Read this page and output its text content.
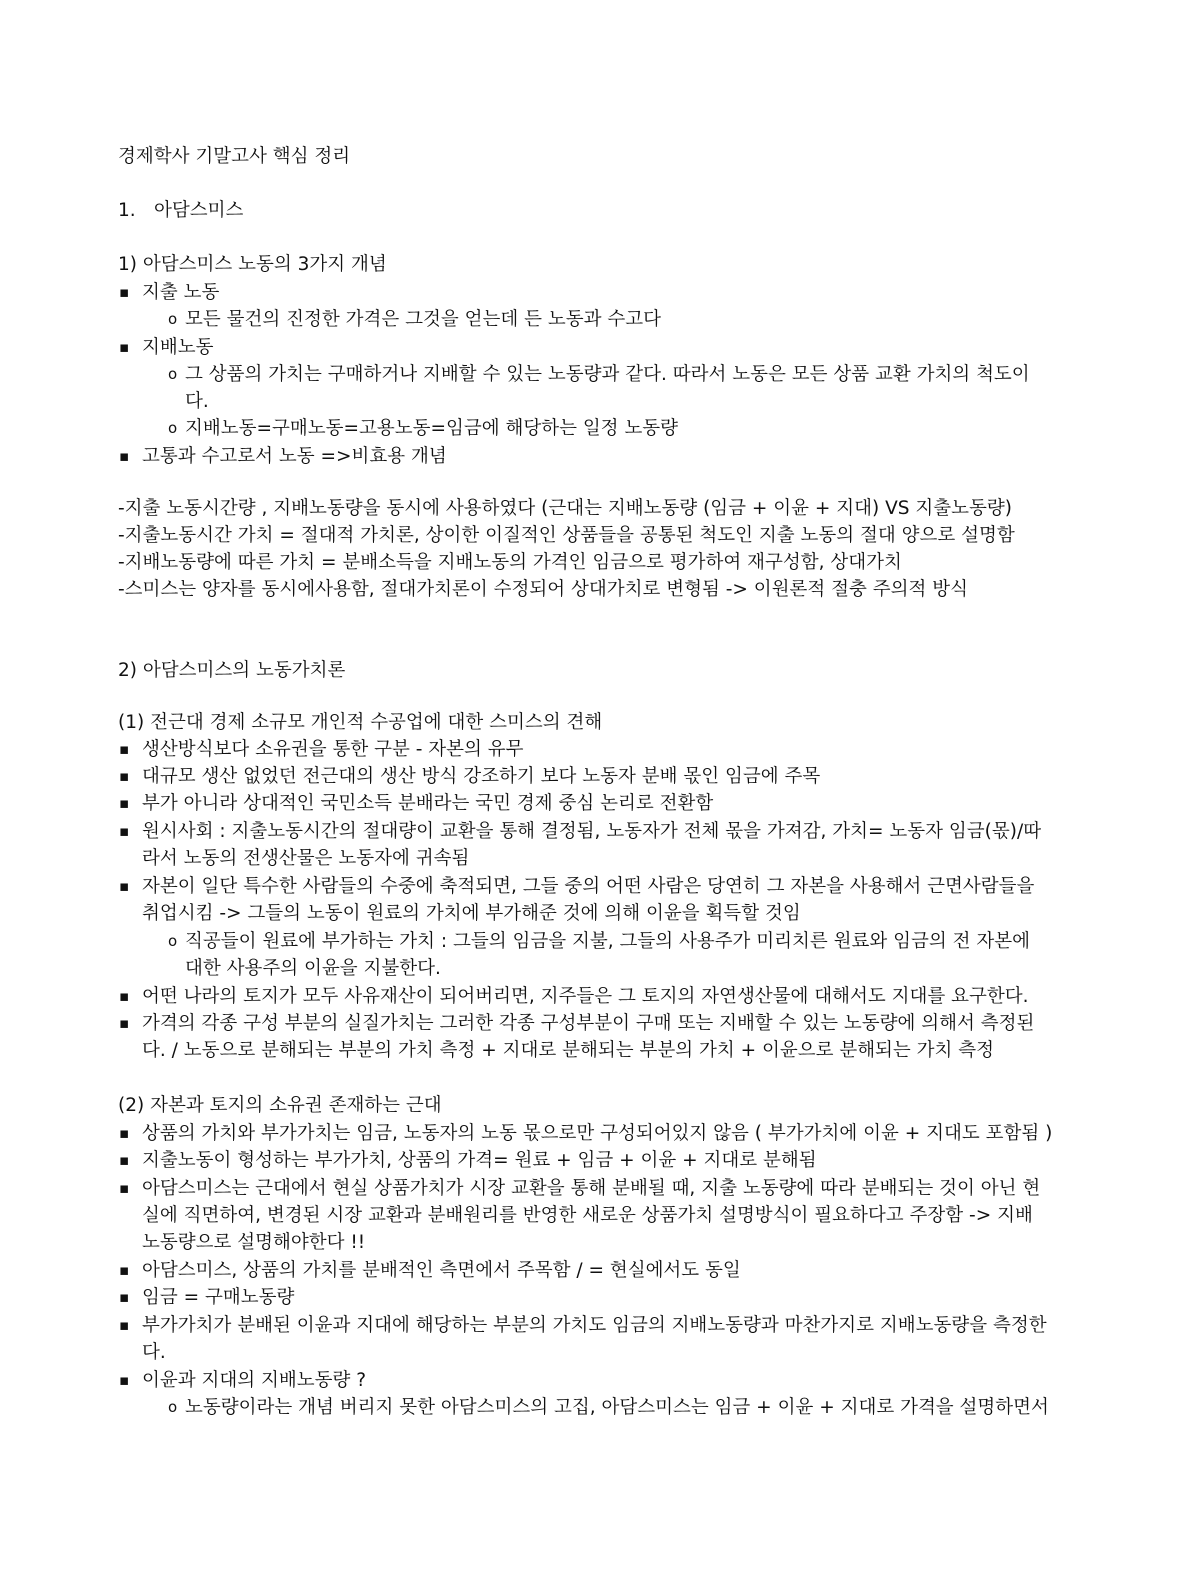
경제학사 기말고사 핵심 정리
1. 아담스미스
1) 아담스미스 노동의 3가지 개념
▪ 지출 노동
o 모든 물건의 진정한 가격은 그것을 얻는데 든 노동과 수고다
▪ 지배노동
o 그 상품의 가치는 구매하거나 지배할 수 있는 노동량과 같다. 따라서 노동은 모든 상품 교환 가치의 척도이
다.
o 지배노동=구매노동=고용노동=임금에 해당하는 일정 노동량
▪ 고통과 수고로서 노동 =>비효용 개념
-지출 노동시간량 , 지배노동량을 동시에 사용하였다 (근대는 지배노동량 (임금 + 이윤 + 지대) VS 지출노동량)
-지출노동시간 가치 = 절대적 가치론, 상이한 이질적인 상품들을 공통된 척도인 지출 노동의 절대 양으로 설명함
-지배노동량에 따른 가치 = 분배소득을 지배노동의 가격인 임금으로 평가하여 재구성함, 상대가치
-스미스는 양자를 동시에사용함, 절대가치론이 수정되어 상대가치로 변형됨 -> 이원론적 절충 주의적 방식
2) 아담스미스의 노동가치론
(1) 전근대 경제 소규모 개인적 수공업에 대한 스미스의 견해
▪ 생산방식보다 소유권을 통한 구분 - 자본의 유무
▪ 대규모 생산 없었던 전근대의 생산 방식 강조하기 보다 노동자 분배 몫인 임금에 주목
▪ 부가 아니라 상대적인 국민소득 분배라는 국민 경제 중심 논리로 전환함
▪ 원시사회 : 지출노동시간의 절대량이 교환을 통해 결정됨, 노동자가 전체 몫을 가져감, 가치= 노동자 임금(몫)/따
라서 노동의 전생산물은 노동자에 귀속됨
▪ 자본이 일단 특수한 사람들의 수중에 축적되면, 그들 중의 어떤 사람은 당연히 그 자본을 사용해서 근면사람들을
취업시킴 -> 그들의 노동이 원료의 가치에 부가해준 것에 의해 이윤을 획득할 것임
o 직공들이 원료에 부가하는 가치 : 그들의 임금을 지불, 그들의 사용주가 미리치른 원료와 임금의 전 자본에
대한 사용주의 이윤을 지불한다.
▪ 어떤 나라의 토지가 모두 사유재산이 되어버리면, 지주들은 그 토지의 자연생산물에 대해서도 지대를 요구한다.
▪ 가격의 각종 구성 부분의 실질가치는 그러한 각종 구성부분이 구매 또는 지배할 수 있는 노동량에 의해서 측정된
다. / 노동으로 분해되는 부분의 가치 측정 + 지대로 분해되는 부분의 가치 + 이윤으로 분해되는 가치 측정
(2) 자본과 토지의 소유권 존재하는 근대
▪ 상품의 가치와 부가가치는 임금, 노동자의 노동 몫으로만 구성되어있지 않음 ( 부가가치에 이윤 + 지대도 포함됨 )
▪ 지출노동이 형성하는 부가가치, 상품의 가격= 원료 + 임금 + 이윤 + 지대로 분해됨
▪ 아담스미스는 근대에서 현실 상품가치가 시장 교환을 통해 분배될 때, 지출 노동량에 따라 분배되는 것이 아닌 현
실에 직면하여, 변경된 시장 교환과 분배원리를 반영한 새로운 상품가치 설명방식이 필요하다고 주장함 -> 지배
노동량으로 설명해야한다 !!
▪ 아담스미스, 상품의 가치를 분배적인 측면에서 주목함 / = 현실에서도 동일
▪ 임금 = 구매노동량
▪ 부가가치가 분배된 이윤과 지대에 해당하는 부분의 가치도 임금의 지배노동량과 마찬가지로 지배노동량을 측정한
다.
▪ 이윤과 지대의 지배노동량 ?
o 노동량이라는 개념 버리지 못한 아담스미스의 고집, 아담스미스는 임금 + 이윤 + 지대로 가격을 설명하면서
